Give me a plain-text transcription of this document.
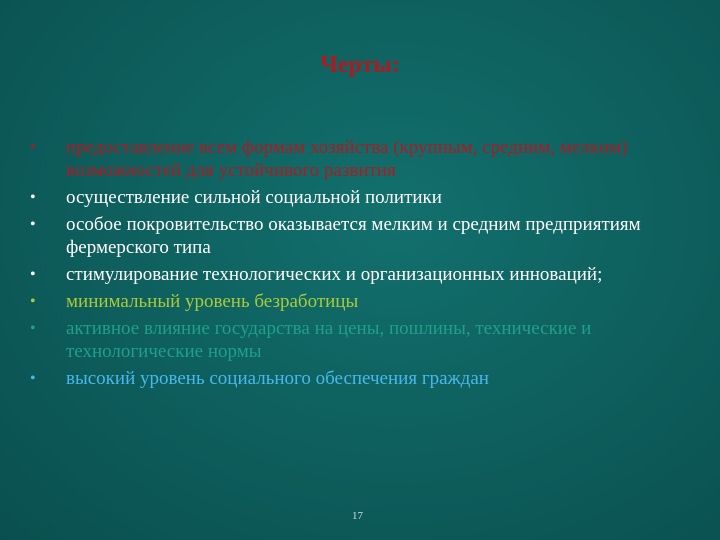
Черты:
• предоставление всем формам хозяйства (крупным, средним, мелким) возможностей для устойчивого развития
• осуществление сильной социальной политики
• особое покровительство оказывается мелким и средним предприятиям фермерского типа
• стимулирование технологических и организационных инноваций;
• минимальный уровень безработицы
• активное влияние государства на цены, пошлины, технические и технологические нормы
• высокий уровень социального обеспечения граждан
17
